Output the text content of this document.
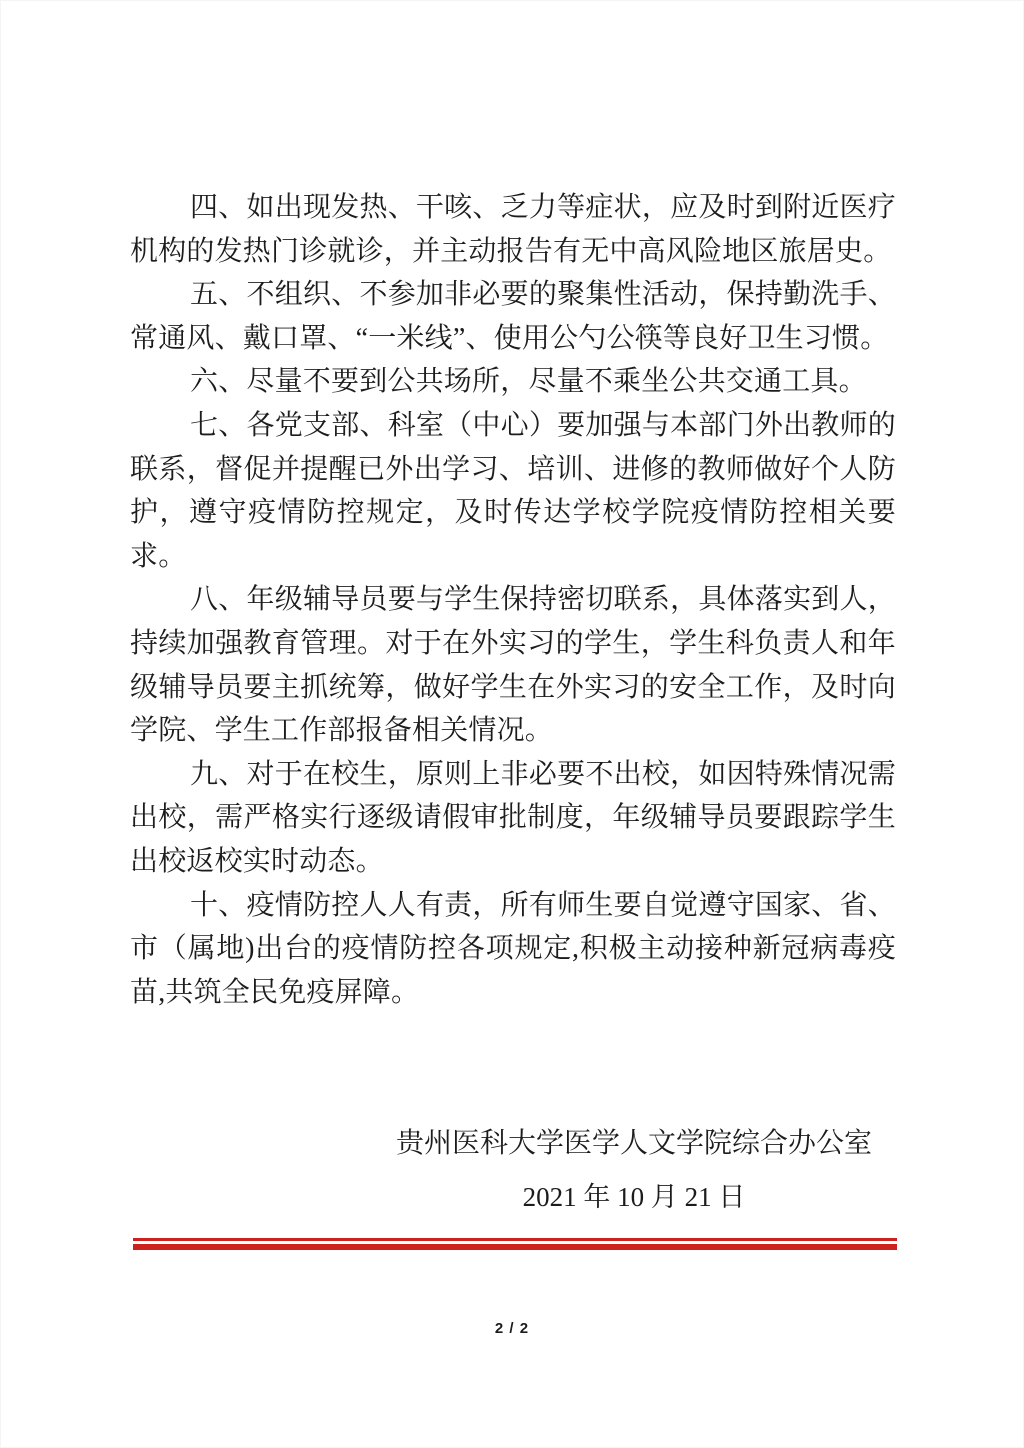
四、如出现发热、干咳、乏力等症状，应及时到附近医疗机构的发热门诊就诊，并主动报告有无中高风险地区旅居史。

五、不组织、不参加非必要的聚集性活动，保持勤洗手、常通风、戴口罩、“一米线”、使用公勺公筷等良好卫生习惯。

六、尽量不要到公共场所，尽量不乘坐公共交通工具。

七、各党支部、科室（中心）要加强与本部门外出教师的联系，督促并提醒已外出学习、培训、进修的教师做好个人防护，遵守疫情防控规定，及时传达学校学院疫情防控相关要求。

八、年级辅导员要与学生保持密切联系，具体落实到人，持续加强教育管理。对于在外实习的学生，学生科负责人和年级辅导员要主抓统筹，做好学生在外实习的安全工作，及时向学院、学生工作部报备相关情况。

九、对于在校生，原则上非必要不出校，如因特殊情况需出校，需严格实行逐级请假审批制度，年级辅导员要跟踪学生出校返校实时动态。

十、疫情防控人人有责，所有师生要自觉遵守国家、省、市（属地)出台的疫情防控各项规定,积极主动接种新冠病毒疫苗,共筑全民免疫屏障。

贵州医科大学医学人文学院综合办公室
2021 年 10 月 21 日
2 / 2
